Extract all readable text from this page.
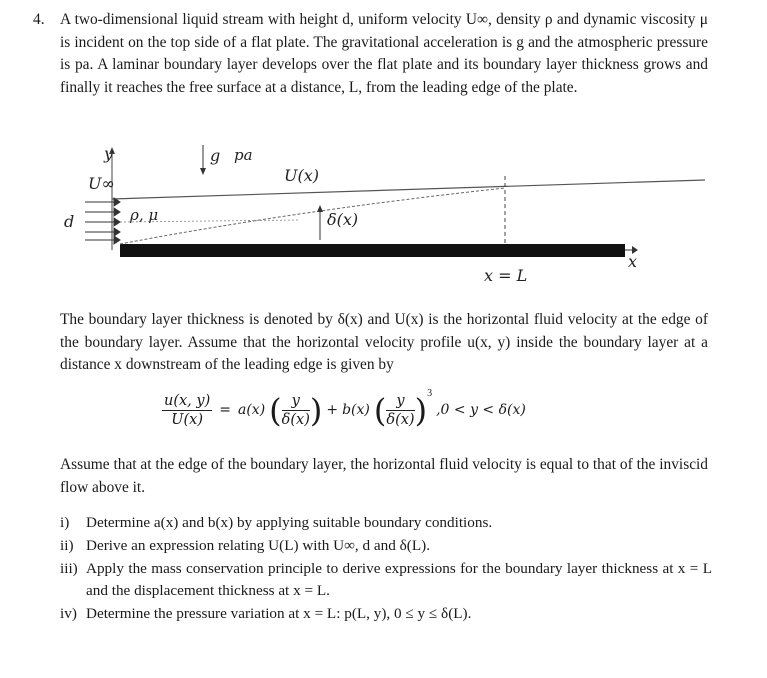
4. A two-dimensional liquid stream with height d, uniform velocity U∞, density ρ and dynamic viscosity μ is incident on the top side of a flat plate. The gravitational acceleration is g and the atmospheric pressure is pa. A laminar boundary layer develops over the flat plate and its boundary layer thickness grows and finally it reaches the free surface at a distance, L, from the leading edge of the plate.
y
U∞
d	ρ, μ
g pa
U(x)
δ(x)
x = L
x
The boundary layer thickness is denoted by δ(x) and U(x) is the horizontal fluid velocity at the edge of the boundary layer. Assume that the horizontal velocity profile u(x, y) inside the boundary layer at a distance x downstream of the leading edge is given by
$\frac{u(x, y)}{U(x)} = a(x)$ ( $\frac{y}{\delta(x)}$ ) + b(x) ( $\frac{y}{\delta(x)} )^3$ ,0 < y < δ(x)
Assume that at the edge of the boundary layer, the horizontal fluid velocity is equal to that of the inviscid flow above it.
i)	Determine a(x) and b(x) by applying suitable boundary conditions.
ii) Derive an expression relating U(L) with U∞, d and δ(L).
iii) Apply the mass conservation principle to derive expressions for the boundary layer thickness at x = L and the displacement thickness at x = L.
iv) Determine the pressure variation at x = L: p(L, y), 0 ≤ y ≤ δ(L).
